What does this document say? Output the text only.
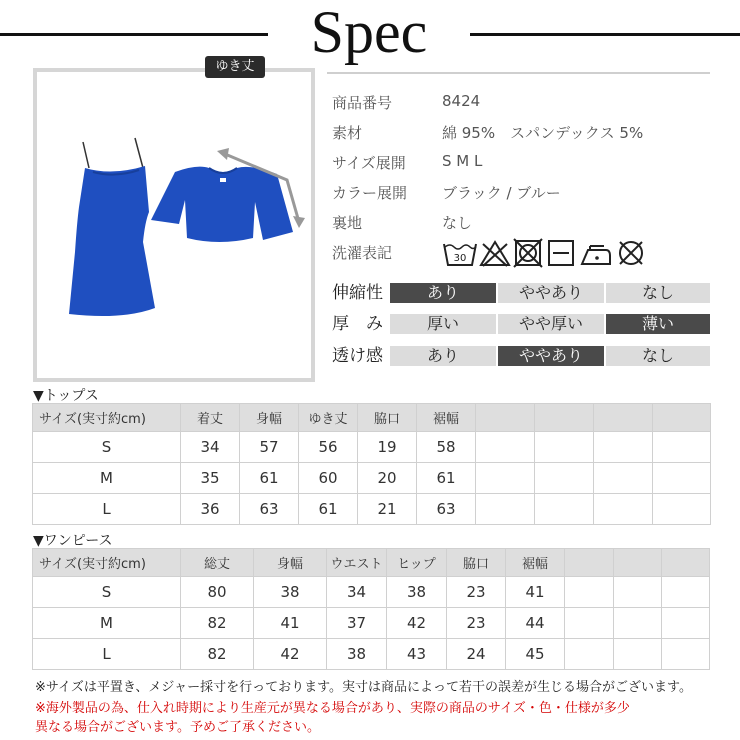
Spec
ゆき丈
商品番号	8424
素材	綿 95%　スパンデックス 5%
サイズ展開	S M L
カラー展開	ブラック / ブルー
裏地	なし
洗濯表記	30
伸縮性	あり	ややあり	なし
厚　み	厚い	やや厚い	薄い
透け感	あり	ややあり	なし
▼トップス
サイズ(実寸約cm)	着丈	身幅	ゆき丈	脇口	裾幅				
S	34	57	56	19	58				
M	35	61	60	20	61				
L	36	63	61	21	63				
▼ワンピース
サイズ(実寸約cm)	総丈	身幅	ウエスト	ヒップ	脇口	裾幅			
S	80	38	34	38	23	41			
M	82	41	37	42	23	44			
L	82	42	38	43	24	45			
※サイズは平置き、メジャー採寸を行っております。実寸は商品によって若干の誤差が生じる場合がございます。
※海外製品の為、仕入れ時期により生産元が異なる場合があり、実際の商品のサイズ・色・仕様が多少
異なる場合がございます。予めご了承ください。
